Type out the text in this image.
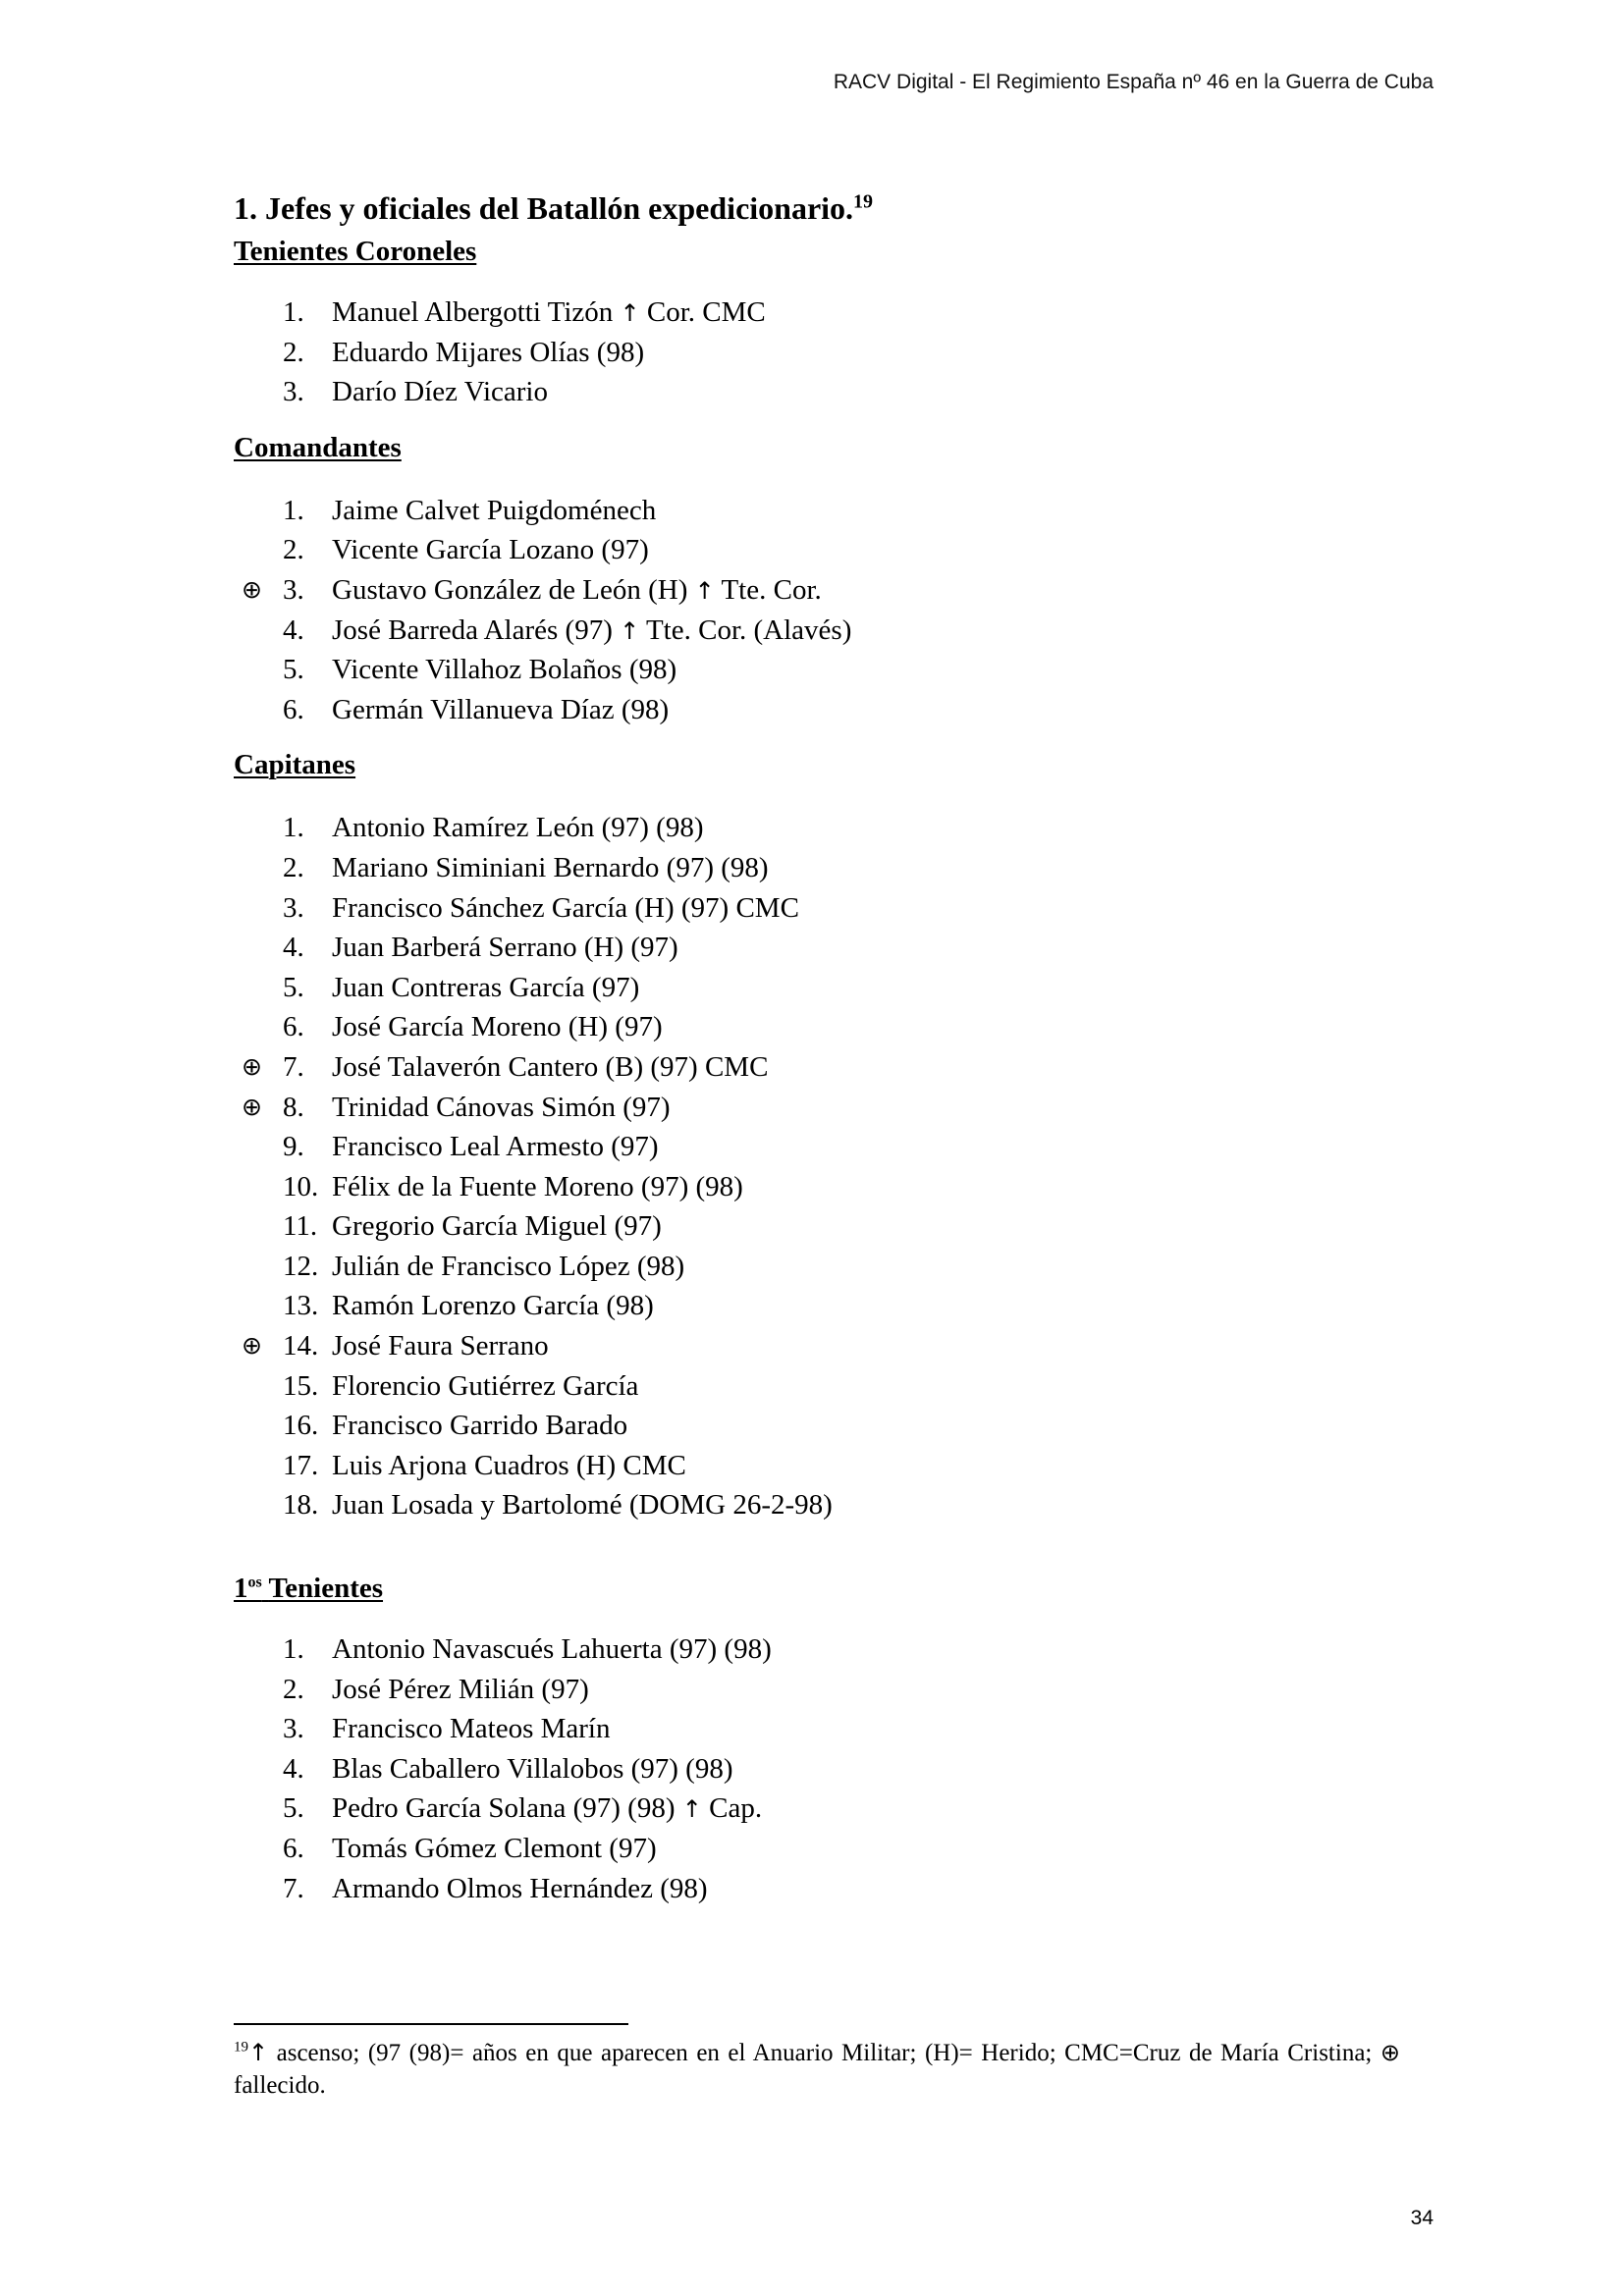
RACV Digital - El Regimiento España nº 46 en la Guerra de Cuba
1. Jefes y oficiales del Batallón expedicionario.$^{19}$
Tenientes Coroneles
1. Manuel Albergotti Tizón ↑ Cor. CMC
2. Eduardo Mijares Olías (98)
3. Darío Díez Vicario
Comandantes
1. Jaime Calvet Puigdoménech
2. Vicente García Lozano (97)
⊕ 3. Gustavo González de León (H) ↑ Tte. Cor.
4. José Barreda Alarés (97) ↑ Tte. Cor. (Alavés)
5. Vicente Villahoz Bolaños (98)
6. Germán Villanueva Díaz (98)
Capitanes
1. Antonio Ramírez León (97) (98)
2. Mariano Siminiani Bernardo (97) (98)
3. Francisco Sánchez García (H) (97) CMC
4. Juan Barberá Serrano (H) (97)
5. Juan Contreras García (97)
6. José García Moreno (H) (97)
⊕ 7. José Talaverón Cantero (B) (97) CMC
⊕ 8. Trinidad Cánovas Simón (97)
9. Francisco Leal Armesto (97)
10. Félix de la Fuente Moreno (97) (98)
11. Gregorio García Miguel (97)
12. Julián de Francisco López (98)
13. Ramón Lorenzo García (98)
⊕ 14. José Faura Serrano
15. Florencio Gutiérrez García
16. Francisco Garrido Barado
17. Luis Arjona Cuadros (H) CMC
18. Juan Losada y Bartolomé (DOMG 26-2-98)
$1^{os}$ Tenientes
1. Antonio Navascués Lahuerta (97) (98)
2. José Pérez Milián (97)
3. Francisco Mateos Marín
4. Blas Caballero Villalobos (97) (98)
5. Pedro García Solana (97) (98) ↑ Cap.
6. Tomás Gómez Clemont (97)
7. Armando Olmos Hernández (98)
$^{19}$↑ ascenso; (97 (98)= años en que aparecen en el Anuario Militar; (H)= Herido; CMC=Cruz de María Cristina; ⊕ fallecido.
34
